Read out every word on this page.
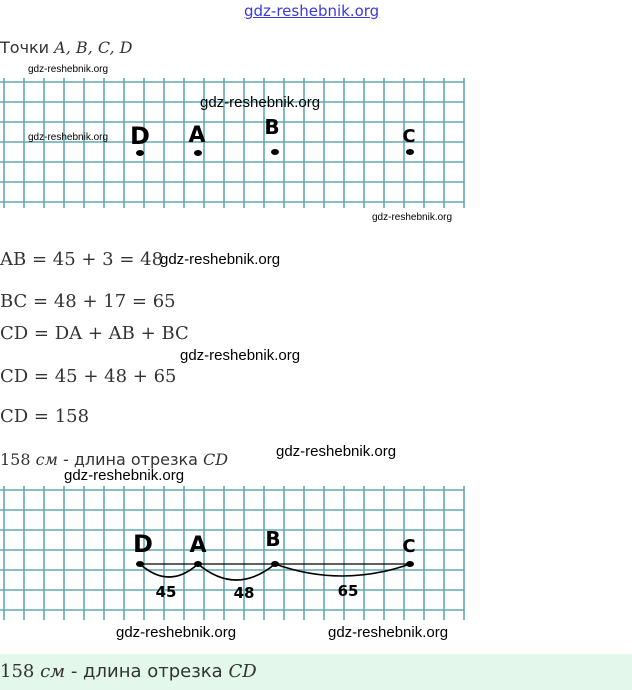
gdz-reshebnik.org
Точки A, B, C, D
D A	B	C
gdz-reshebnik.org
gdz-reshebnik.org
gdz-reshebnik.org
gdz-reshebnik.org
AB = 45 + 3 = 48
gdz-reshebnik.org
BC = 48 + 17 = 65
CD = DA + AB + BC
gdz-reshebnik.org
CD = 45 + 48 + 65
CD = 158
158 см - длина отрезка CD	gdz-reshebnik.org
gdz-reshebnik.org
D A	B	C
45	48	65
gdz-reshebnik.org	gdz-reshebnik.org
158 см - длина отрезка CD
